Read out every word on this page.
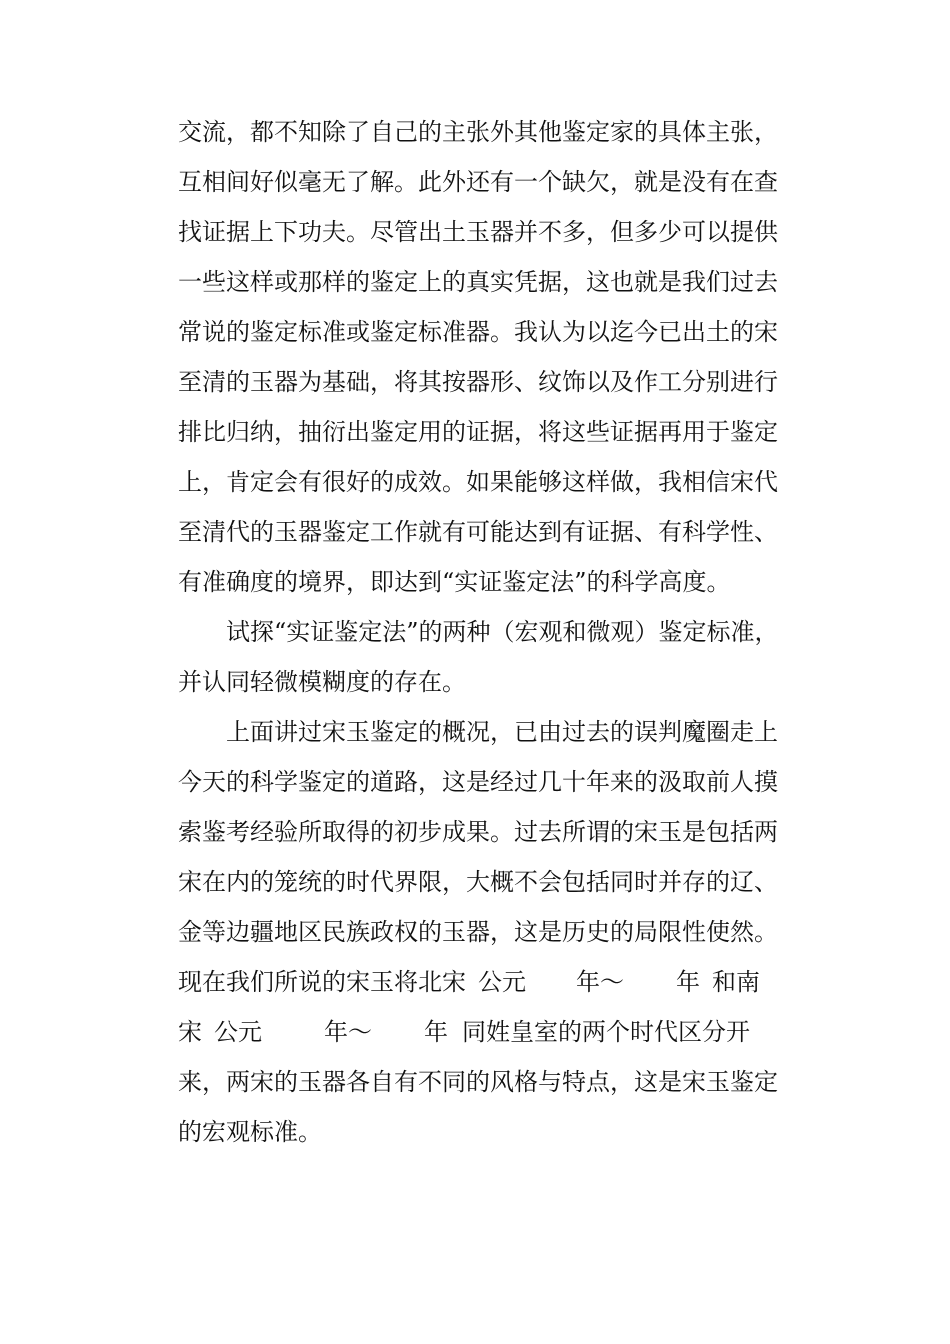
交流，都不知除了自己的主张外其他鉴定家的具体主张，
互相间好似毫无了解。此外还有一个缺欠，就是没有在查
找证据上下功夫。尽管出土玉器并不多，但多少可以提供
一些这样或那样的鉴定上的真实凭据，这也就是我们过去
常说的鉴定标准或鉴定标准器。我认为以迄今已出土的宋
至清的玉器为基础，将其按器形、纹饰以及作工分别进行
排比归纳，抽衍出鉴定用的证据，将这些证据再用于鉴定
上，肯定会有很好的成效。如果能够这样做，我相信宋代
至清代的玉器鉴定工作就有可能达到有证据、有科学性、
有准确度的境界，即达到“实证鉴定法”的科学高度。
试探“实证鉴定法”的两种（宏观和微观）鉴定标准，
并认同轻微模糊度的存在。
上面讲过宋玉鉴定的概况，已由过去的误判魔圈走上
今天的科学鉴定的道路，这是经过几十年来的汲取前人摸
索鉴考经验所取得的初步成果。过去所谓的宋玉是包括两
宋在内的笼统的时代界限，大概不会包括同时并存的辽、
金等边疆地区民族政权的玉器，这是历史的局限性使然。
现在我们所说的宋玉将北宋 公元 年～ 年 和南
宋 公元	年～ 年 同姓皇室的两个时代区分开
来，两宋的玉器各自有不同的风格与特点，这是宋玉鉴定
的宏观标准。
